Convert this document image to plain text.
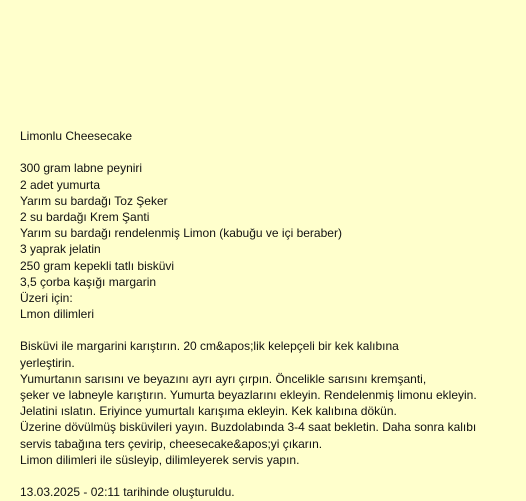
Limonlu Cheesecake
300 gram labne peyniri
2 adet yumurta
Yarım su bardağı Toz Şeker
2 su bardağı Krem Şanti
Yarım su bardağı rendelenmiş Limon (kabuğu ve içi beraber)
3 yaprak jelatin
250 gram kepekli tatlı bisküvi
3,5 çorba kaşığı margarin
Üzeri için:
Lmon dilimleri
Bisküvi ile margarini karıştırın. 20 cm&apos;lik kelepçeli bir kek kalıbına
yerleştirin.
Yumurtanın sarısını ve beyazını ayrı ayrı çırpın. Öncelikle sarısını kremşanti,
şeker ve labneyle karıştırın. Yumurta beyazlarını ekleyin. Rendelenmiş limonu ekleyin.
Jelatini ıslatın. Eriyince yumurtalı karışıma ekleyin. Kek kalıbına dökün.
Üzerine dövülmüş bisküvileri yayın. Buzdolabında 3-4 saat bekletin. Daha sonra kalıbı
servis tabağına ters çevirip, cheesecake&apos;yi çıkarın.
Limon dilimleri ile süsleyip, dilimleyerek servis yapın.

13.03.2025 - 02:11 tarihinde oluşturuldu.
